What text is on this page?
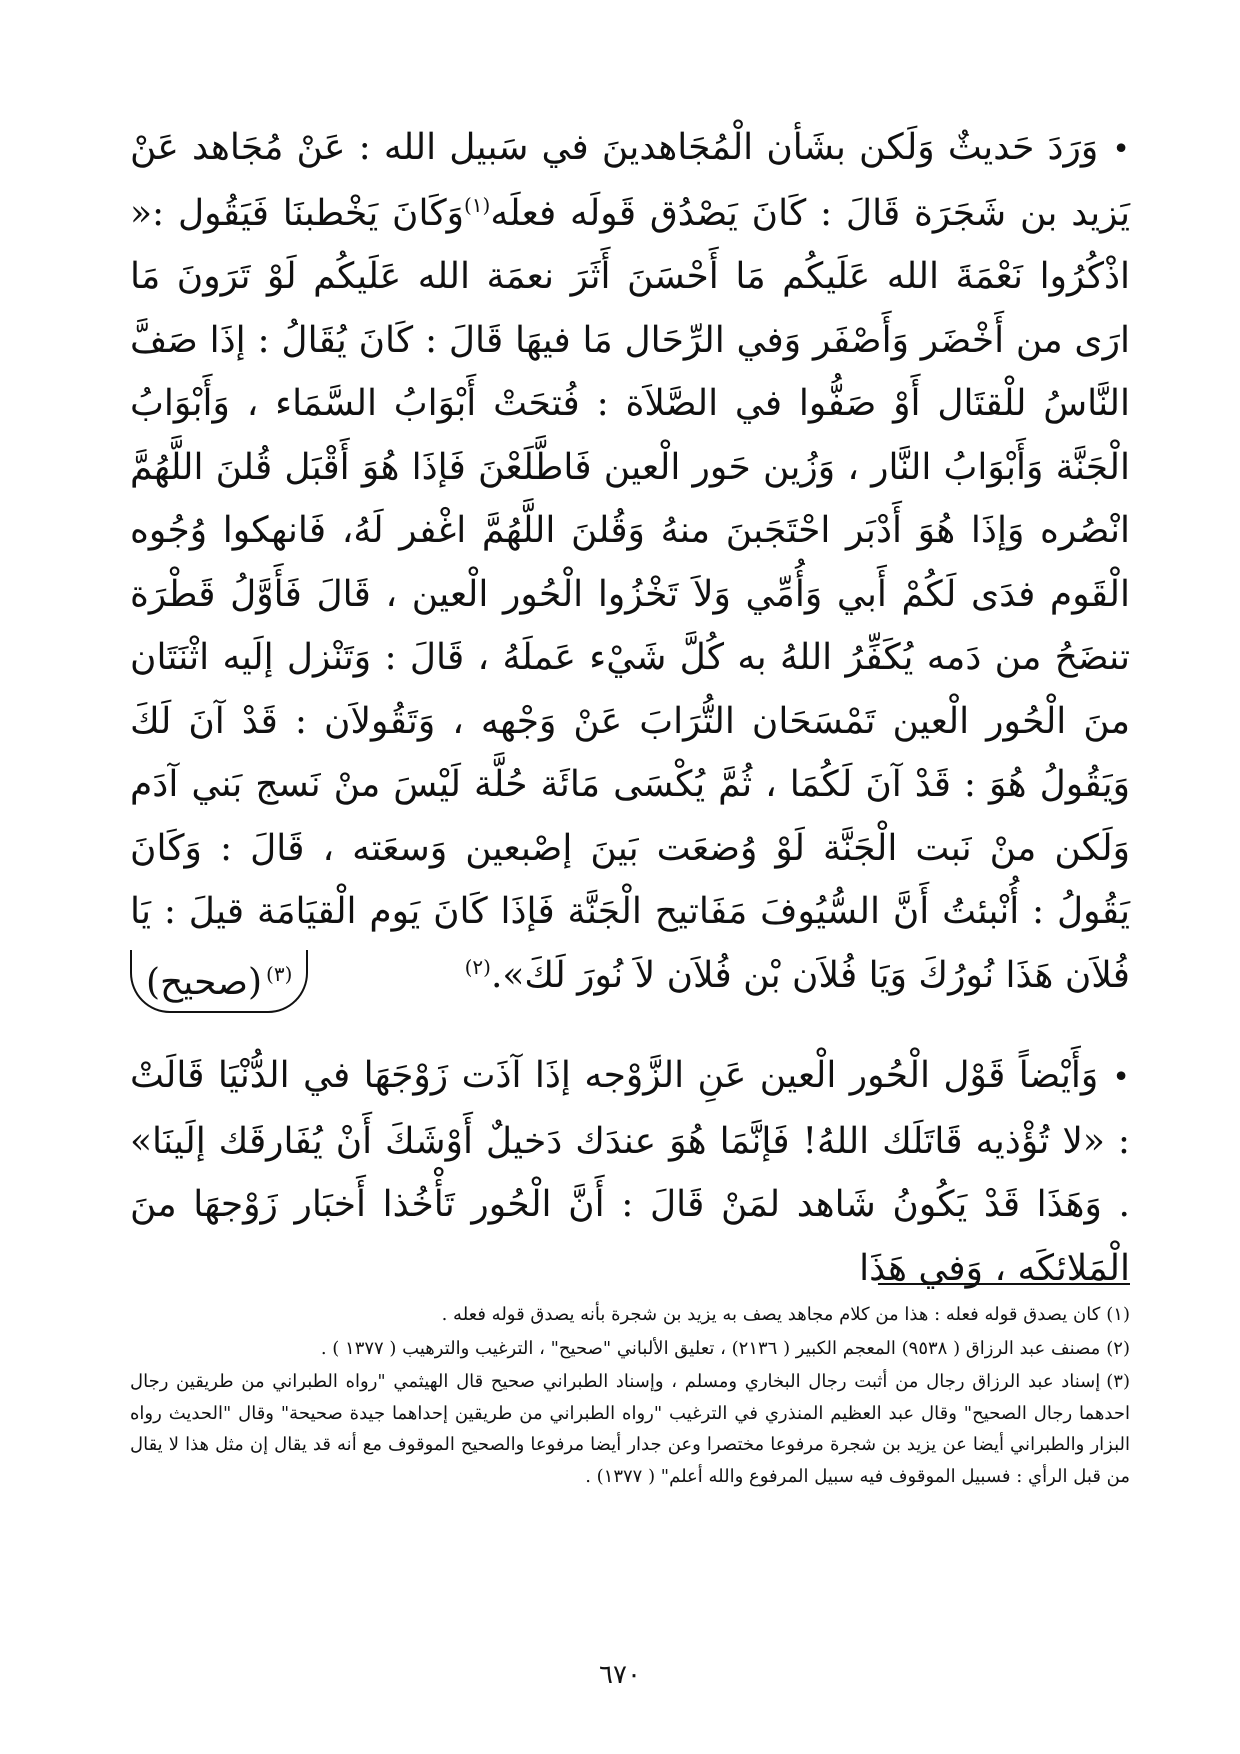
•وَرَدَ حَديثٌ وَلَكن بشَأن الْمُجَاهدينَ في سَبيل الله : عَنْ مُجَاهد عَنْ يَزيد بن شَجَرَة قَالَ : كَانَ يَصْدُق قَولَه فعلَه$^{(١)}$وَكَانَ يَخْطبنَا فَيَقُول :« اذْكُرُوا نَعْمَةَ الله عَلَيكُم مَا أَحْسَنَ أَثَرَ نعمَة الله عَلَيكُم لَوْ تَرَونَ مَا ارَى من أَخْضَر وَأَصْفَر وَفي الرِّحَال مَا فيهَا قَالَ : كَانَ يُقَالُ : إذَا صَفَّ النَّاسُ للْقتَال أَوْ صَفُّوا في الصَّلاَة : فُتحَتْ أَبْوَابُ السَّمَاء ، وَأَبْوَابُ الْجَنَّة وَأَبْوَابُ النَّار ، وَزُين حَور الْعين فَاطَّلَعْنَ فَإذَا هُوَ أَقْبَل قُلنَ اللَّهُمَّ انْصُره وَإذَا هُوَ أَدْبَر احْتَجَبنَ منهُ وَقُلنَ اللَّهُمَّ اغْفر لَهُ، فَانهكوا وُجُوه الْقَوم فدَى لَكُمْ أَبي وَأُمِّي وَلاَ تَخْزُوا الْحُور الْعين ، قَالَ فَأَوَّلُ قَطْرَة تنضَحُ من دَمه يُكَفِّرُ اللهُ به كُلَّ شَيْء عَملَهُ ، قَالَ : وَتَنْزل إلَيه اثْنَتَان منَ الْحُور الْعين تَمْسَحَان التُّرَابَ عَنْ وَجْهه ، وَتَقُولاَن : قَدْ آنَ لَكَ وَيَقُولُ هُوَ : قَدْ آنَ لَكُمَا ، ثُمَّ يُكْسَى مَائَة حُلَّة لَيْسَ منْ نَسج بَني آدَم وَلَكن منْ نَبت الْجَنَّة لَوْ وُضعَت بَينَ إصْبعين وَسعَته ، قَالَ : وَكَانَ يَقُولُ : أُنْبئتُ أَنَّ السُّيُوفَ مَفَاتيح الْجَنَّة فَإذَا كَانَ يَوم الْقيَامَة قيلَ : يَا فُلاَن هَذَا نُورُكَ وَيَا فُلاَن بْن فُلاَن لاَ نُورَ لَكَ».$^{(٢)}$
$^{(٣)}$(صحيح)
•وَأَيْضاً قَوْل الْحُور الْعين عَنِ الزَّوْجه إذَا آذَت زَوْجَهَا في الدُّنْيَا قَالَتْ : «لا تُؤْذيه قَاتَلَك اللهُ! فَإنَّمَا هُوَ عندَك دَخيلٌ أَوْشَكَ أَنْ يُفَارقَك إلَينَا» . وَهَذَا قَدْ يَكُونُ شَاهد لمَنْ قَالَ : أَنَّ الْحُور تَأْخُذا أَخبَار زَوْجهَا منَ الْمَلائكَه ، وَفي هَذَا
(١)كان يصدق قوله فعله : هذا من كلام مجاهد يصف به يزيد بن شجرة بأنه يصدق قوله فعله .
(٢)مصنف عبد الرزاق ( ٩٥٣٨) المعجم الكبير ( ٢١٣٦) ، تعليق الألباني "صحيح" ، الترغيب والترهيب ( ١٣٧٧ ) .
(٣)إسناد عبد الرزاق رجال من أثبت رجال البخاري ومسلم ، وإسناد الطبراني صحيح قال الهيثمي "رواه الطبراني من طريقين رجال احدهما رجال الصحيح" وقال عبد العظيم المنذري في الترغيب "رواه الطبراني من طريقين إحداهما جيدة صحيحة" وقال "الحديث رواه البزار والطبراني أيضا عن يزيد بن شجرة مرفوعا مختصرا وعن جدار أيضا مرفوعا والصحيح الموقوف مع أنه قد يقال إن مثل هذا لا يقال من قبل الرأي : فسبيل الموقوف فيه سبيل المرفوع والله أعلم" ( ١٣٧٧) .
٦٧٠
